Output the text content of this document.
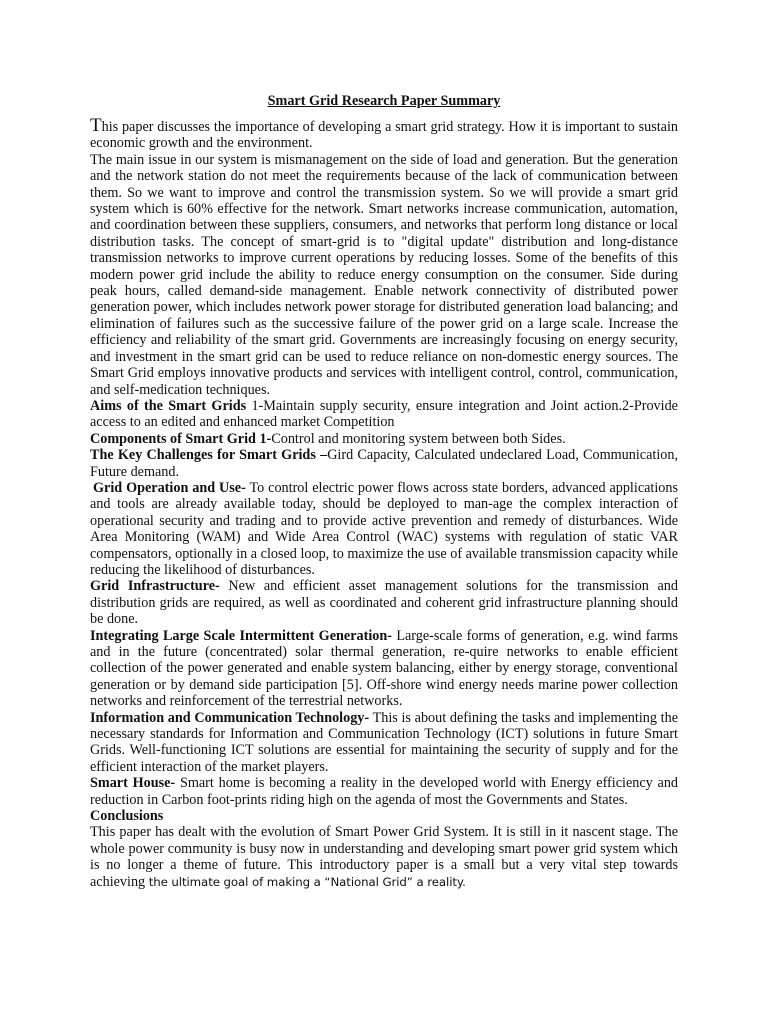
Smart Grid Research Paper Summary

This paper discusses the importance of developing a smart grid strategy. How it is important to sustain economic growth and the environment.

The main issue in our system is mismanagement on the side of load and generation. But the generation and the network station do not meet the requirements because of the lack of communication between them. So we want to improve and control the transmission system. So we will provide a smart grid system which is 60% effective for the network. Smart networks increase communication, automation, and coordination between these suppliers, consumers, and networks that perform long distance or local distribution tasks. The concept of smart-grid is to "digital update" distribution and long-distance transmission networks to improve current operations by reducing losses. Some of the benefits of this modern power grid include the ability to reduce energy consumption on the consumer. Side during peak hours, called demand-side management. Enable network connectivity of distributed power generation power, which includes network power storage for distributed generation load balancing; and elimination of failures such as the successive failure of the power grid on a large scale. Increase the efficiency and reliability of the smart grid. Governments are increasingly focusing on energy security, and investment in the smart grid can be used to reduce reliance on non-domestic energy sources. The Smart Grid employs innovative products and services with intelligent control, control, communication, and self-medication techniques.

Aims of the Smart Grids 1-Maintain supply security, ensure integration and Joint action.2-Provide access to an edited and enhanced market Competition

Components of Smart Grid 1-Control and monitoring system between both Sides.

The Key Challenges for Smart Grids –Gird Capacity, Calculated undeclared Load, Communication, Future demand.

Grid Operation and Use- To control electric power flows across state borders, advanced applications and tools are already available today, should be deployed to man-age the complex interaction of operational security and trading and to provide active prevention and remedy of disturbances. Wide Area Monitoring (WAM) and Wide Area Control (WAC) systems with regulation of static VAR compensators, optionally in a closed loop, to maximize the use of available transmission capacity while reducing the likelihood of disturbances.

Grid Infrastructure- New and efficient asset management solutions for the transmission and distribution grids are required, as well as coordinated and coherent grid infrastructure planning should be done.

Integrating Large Scale Intermittent Generation- Large-scale forms of generation, e.g. wind farms and in the future (concentrated) solar thermal generation, re-quire networks to enable efficient collection of the power generated and enable system balancing, either by energy storage, conventional generation or by demand side participation [5]. Off-shore wind energy needs marine power collection networks and reinforcement of the terrestrial networks.

Information and Communication Technology- This is about defining the tasks and implementing the necessary standards for Information and Communication Technology (ICT) solutions in future Smart Grids. Well-functioning ICT solutions are essential for maintaining the security of supply and for the efficient interaction of the market players.

Smart House- Smart home is becoming a reality in the developed world with Energy efficiency and reduction in Carbon foot-prints riding high on the agenda of most the Governments and States.

Conclusions

This paper has dealt with the evolution of Smart Power Grid System. It is still in it nascent stage. The whole power community is busy now in understanding and developing smart power grid system which is no longer a theme of future. This introductory paper is a small but a very vital step towards achieving the ultimate goal of making a “National Grid” a reality.
